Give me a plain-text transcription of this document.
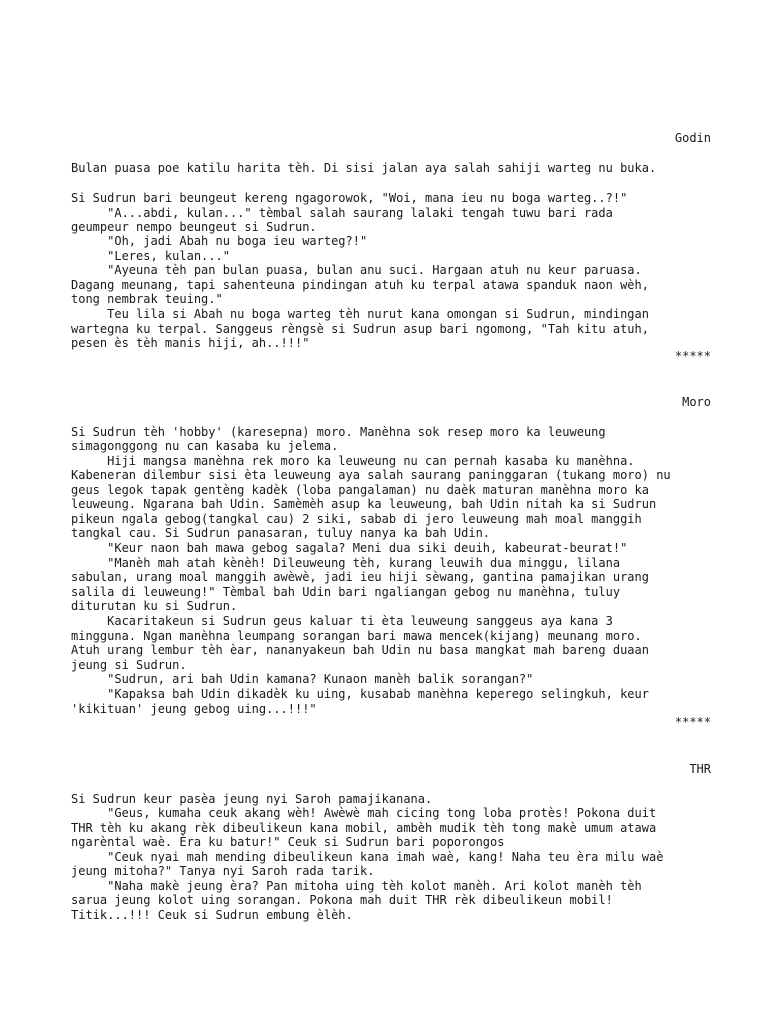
Godin
Bulan puasa poe katilu harita tèh. Di sisi jalan aya salah sahiji warteg nu buka.
Si Sudrun bari beungeut kereng ngagorowok, "Woi, mana ieu nu boga warteg..?!"
"A...abdi, kulan..." tèmbal salah saurang lalaki tengah tuwu bari rada
geumpeur nempo beungeut si Sudrun.
"Oh, jadi Abah nu boga ieu warteg?!"
"Leres, kulan..."
"Ayeuna tèh pan bulan puasa, bulan anu suci. Hargaan atuh nu keur paruasa.
Dagang meunang, tapi sahenteuna pindingan atuh ku terpal atawa spanduk naon wèh,
tong nembrak teuing."
Teu lila si Abah nu boga warteg tèh nurut kana omongan si Sudrun, mindingan
wartegna ku terpal. Sanggeus rèngsè si Sudrun asup bari ngomong, "Tah kitu atuh,
pesen ès tèh manis hiji, ah..!!!"
*****
Moro
Si Sudrun tèh 'hobby' (karesepna) moro. Manèhna sok resep moro ka leuweung
simagonggong nu can kasaba ku jelema.
Hiji mangsa manèhna rek moro ka leuweung nu can pernah kasaba ku manèhna.
Kabeneran dilembur sisi èta leuweung aya salah saurang paninggaran (tukang moro) nu
geus legok tapak gentèng kadèk (loba pangalaman) nu daèk maturan manèhna moro ka
leuweung. Ngarana bah Udin. Samèmèh asup ka leuweung, bah Udin nitah ka si Sudrun
pikeun ngala gebog(tangkal cau) 2 siki, sabab di jero leuweung mah moal manggih
tangkal cau. Si Sudrun panasaran, tuluy nanya ka bah Udin.
"Keur naon bah mawa gebog sagala? Meni dua siki deuih, kabeurat-beurat!"
"Manèh mah atah kènèh! Dileuweung tèh, kurang leuwih dua minggu, lilana
sabulan, urang moal manggih awèwè, jadi ieu hiji sèwang, gantina pamajikan urang
salila di leuweung!" Tèmbal bah Udin bari ngaliangan gebog nu manèhna, tuluy
diturutan ku si Sudrun.
Kacaritakeun si Sudrun geus kaluar ti èta leuweung sanggeus aya kana 3
mingguna. Ngan manèhna leumpang sorangan bari mawa mencek(kijang) meunang moro.
Atuh urang lembur tèh èar, nananyakeun bah Udin nu basa mangkat mah bareng duaan
jeung si Sudrun.
"Sudrun, ari bah Udin kamana? Kunaon manèh balik sorangan?"
"Kapaksa bah Udin dikadèk ku uing, kusabab manèhna keperego selingkuh, keur
'kikituan' jeung gebog uing...!!!"
*****
THR
Si Sudrun keur pasèa jeung nyi Saroh pamajikanana.
"Geus, kumaha ceuk akang wèh! Awèwè mah cicing tong loba protès! Pokona duit
THR tèh ku akang rèk dibeulikeun kana mobil, ambèh mudik tèh tong makè umum atawa
ngarèntal waè. Èra ku batur!" Ceuk si Sudrun bari poporongos
"Ceuk nyai mah mending dibeulikeun kana imah waè, kang! Naha teu èra milu waè
jeung mitoha?" Tanya nyi Saroh rada tarik.
"Naha makè jeung èra? Pan mitoha uing tèh kolot manèh. Ari kolot manèh tèh
sarua jeung kolot uing sorangan. Pokona mah duit THR rèk dibeulikeun mobil!
Titik...!!! Ceuk si Sudrun embung èlèh.
